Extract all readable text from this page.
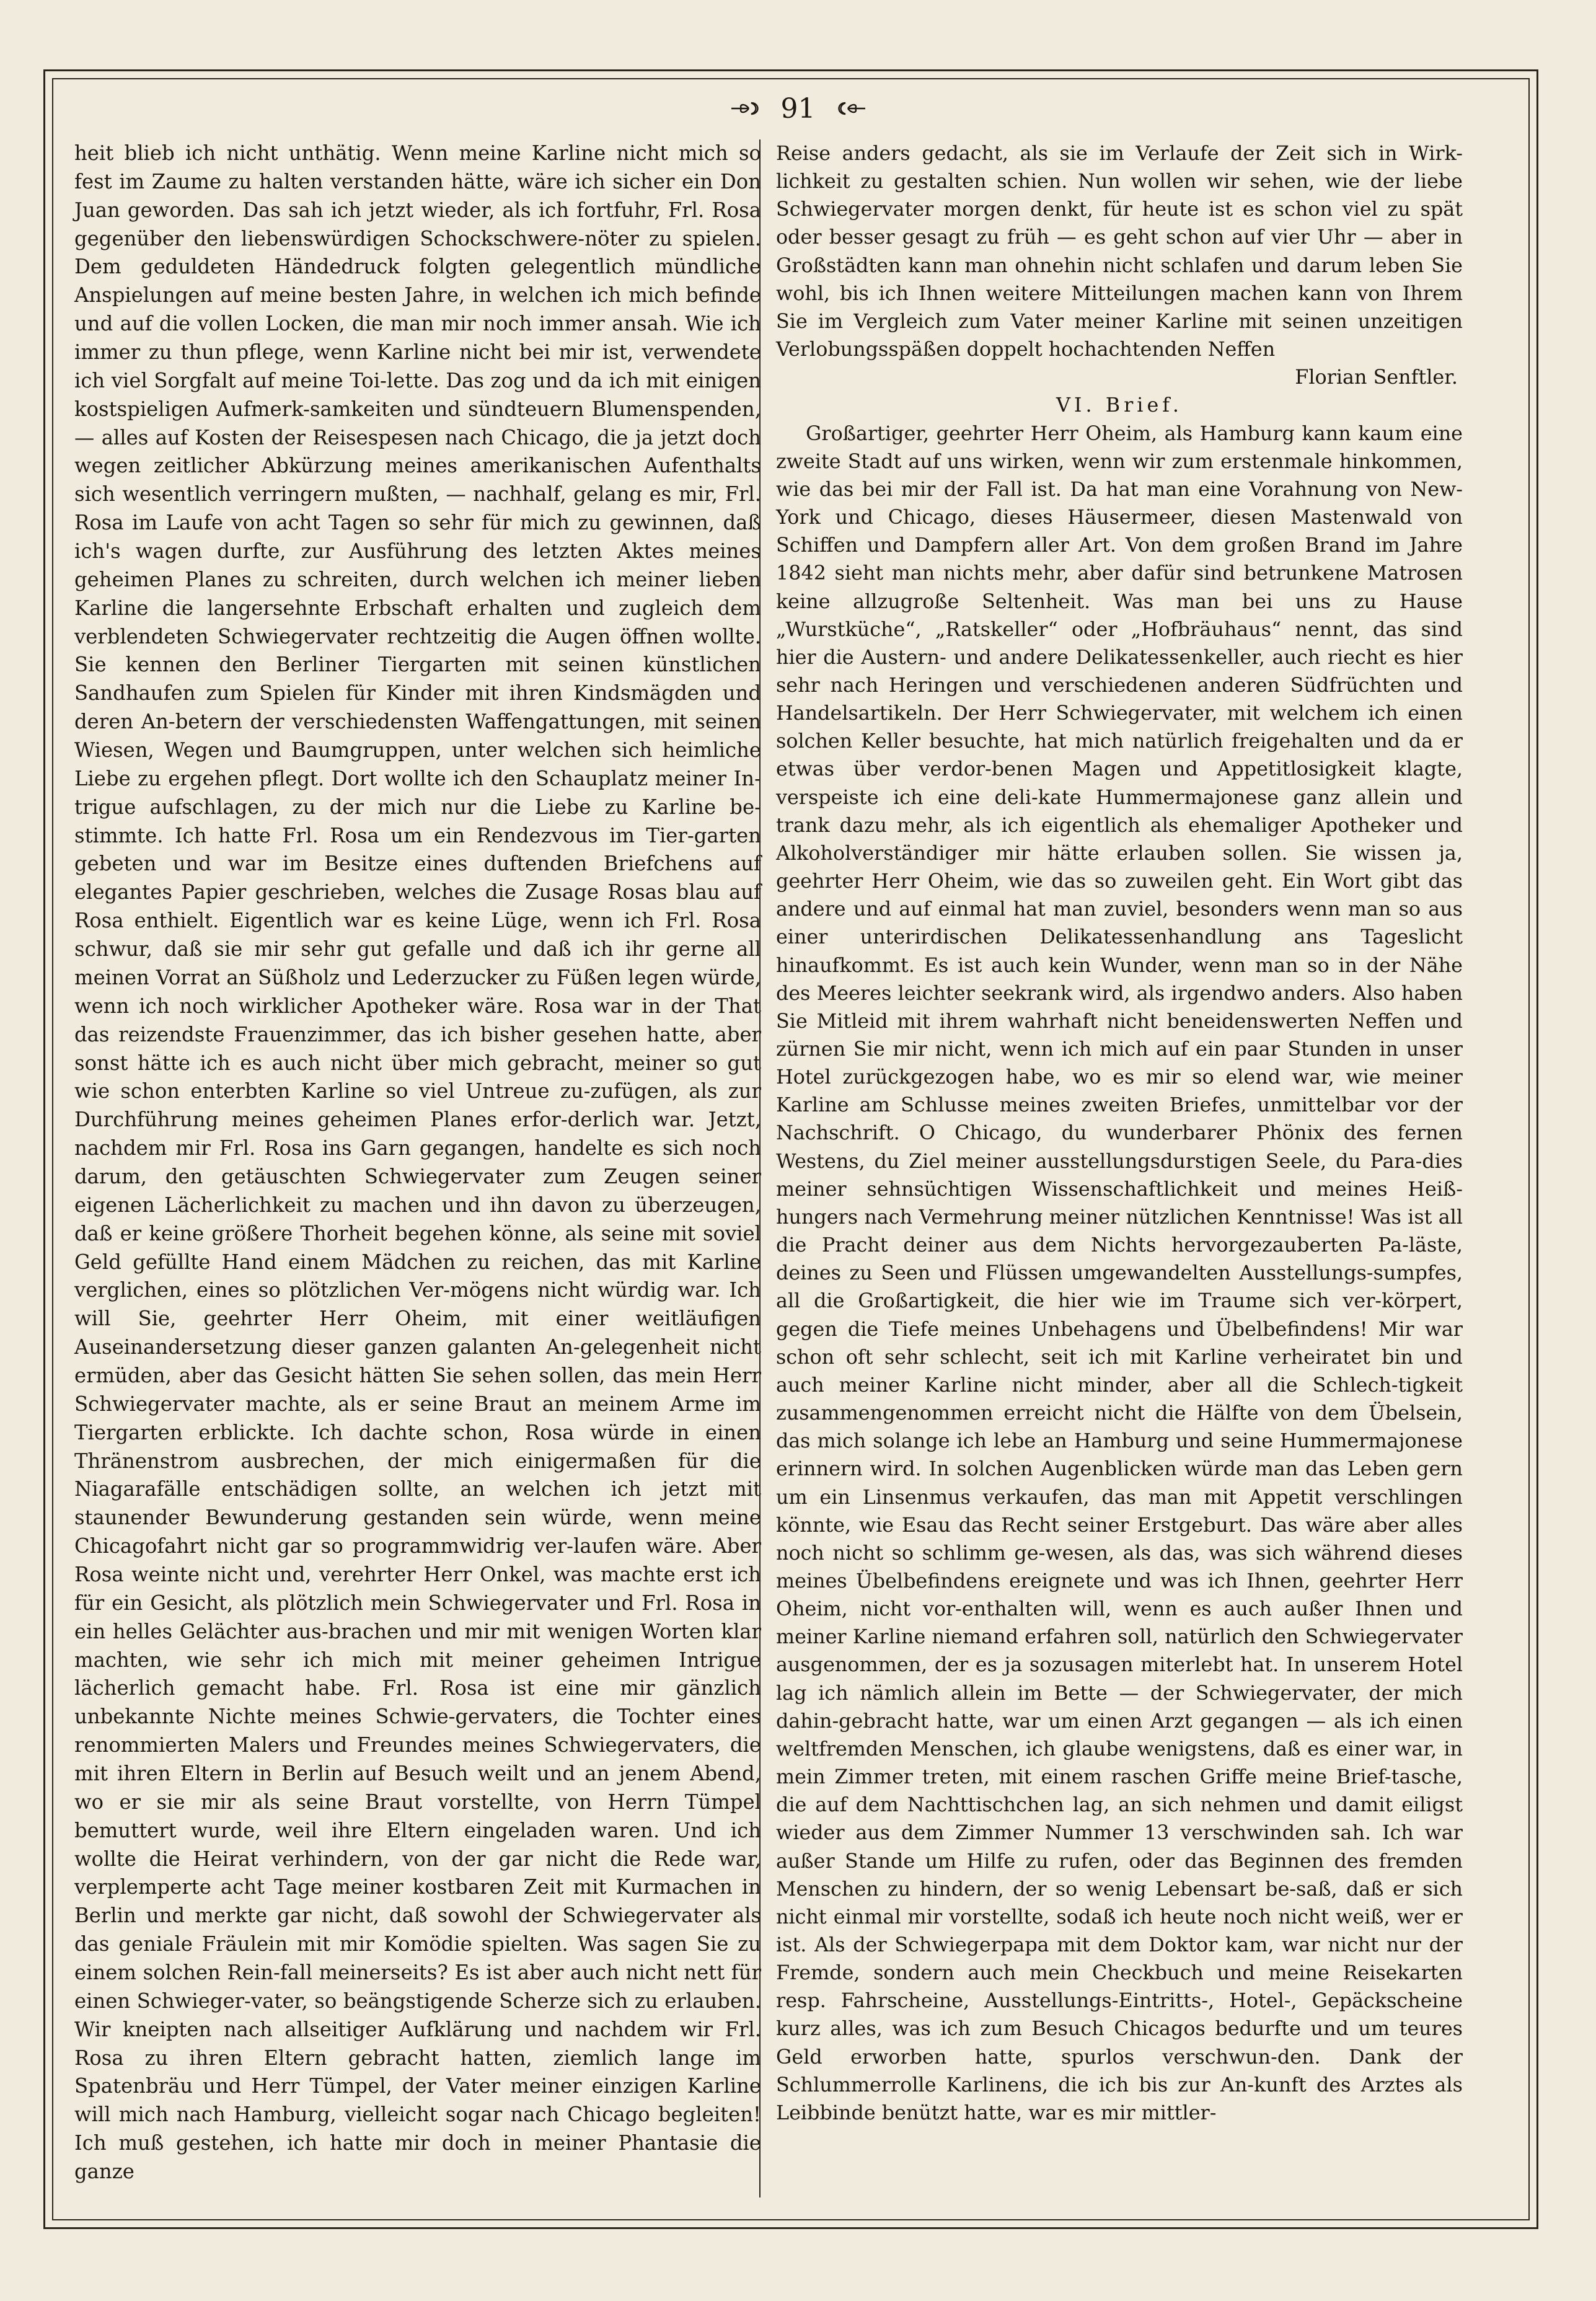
91

heit blieb ich nicht unthätig. Wenn meine Karline nicht mich so fest im Zaume zu halten verstanden hätte, wäre ich sicher ein Don Juan geworden. Das sah ich jetzt wieder, als ich fortfuhr, Frl. Rosa gegenüber den liebenswürdigen Schockschwere-nöter zu spielen. Dem geduldeten Händedruck folgten gelegentlich mündliche Anspielungen auf meine besten Jahre, in welchen ich mich befinde und auf die vollen Locken, die man mir noch immer ansah. Wie ich immer zu thun pflege, wenn Karline nicht bei mir ist, verwendete ich viel Sorgfalt auf meine Toi-lette. Das zog und da ich mit einigen kostspieligen Aufmerk-samkeiten und sündteuern Blumenspenden, — alles auf Kosten der Reisespesen nach Chicago, die ja jetzt doch wegen zeitlicher Abkürzung meines amerikanischen Aufenthalts sich wesentlich verringern mußten, — nachhalf, gelang es mir, Frl. Rosa im Laufe von acht Tagen so sehr für mich zu gewinnen, daß ich's wagen durfte, zur Ausführung des letzten Aktes meines geheimen Planes zu schreiten, durch welchen ich meiner lieben Karline die langersehnte Erbschaft erhalten und zugleich dem verblendeten Schwiegervater rechtzeitig die Augen öffnen wollte. Sie kennen den Berliner Tiergarten mit seinen künstlichen Sandhaufen zum Spielen für Kinder mit ihren Kindsmägden und deren An-betern der verschiedensten Waffengattungen, mit seinen Wiesen, Wegen und Baumgruppen, unter welchen sich heimliche Liebe zu ergehen pflegt. Dort wollte ich den Schauplatz meiner In-trigue aufschlagen, zu der mich nur die Liebe zu Karline be-stimmte. Ich hatte Frl. Rosa um ein Rendezvous im Tier-garten gebeten und war im Besitze eines duftenden Briefchens auf elegantes Papier geschrieben, welches die Zusage Rosas blau auf Rosa enthielt. Eigentlich war es keine Lüge, wenn ich Frl. Rosa schwur, daß sie mir sehr gut gefalle und daß ich ihr gerne all meinen Vorrat an Süßholz und Lederzucker zu Füßen legen würde, wenn ich noch wirklicher Apotheker wäre. Rosa war in der That das reizendste Frauenzimmer, das ich bisher gesehen hatte, aber sonst hätte ich es auch nicht über mich gebracht, meiner so gut wie schon enterbten Karline so viel Untreue zu-zufügen, als zur Durchführung meines geheimen Planes erfor-derlich war. Jetzt, nachdem mir Frl. Rosa ins Garn gegangen, handelte es sich noch darum, den getäuschten Schwiegervater zum Zeugen seiner eigenen Lächerlichkeit zu machen und ihn davon zu überzeugen, daß er keine größere Thorheit begehen könne, als seine mit soviel Geld gefüllte Hand einem Mädchen zu reichen, das mit Karline verglichen, eines so plötzlichen Ver-mögens nicht würdig war. Ich will Sie, geehrter Herr Oheim, mit einer weitläufigen Auseinandersetzung dieser ganzen galanten An-gelegenheit nicht ermüden, aber das Gesicht hätten Sie sehen sollen, das mein Herr Schwiegervater machte, als er seine Braut an meinem Arme im Tiergarten erblickte. Ich dachte schon, Rosa würde in einen Thränenstrom ausbrechen, der mich einigermaßen für die Niagarafälle entschädigen sollte, an welchen ich jetzt mit staunender Bewunderung gestanden sein würde, wenn meine Chicagofahrt nicht gar so programmwidrig ver-laufen wäre. Aber Rosa weinte nicht und, verehrter Herr Onkel, was machte erst ich für ein Gesicht, als plötzlich mein Schwiegervater und Frl. Rosa in ein helles Gelächter aus-brachen und mir mit wenigen Worten klar machten, wie sehr ich mich mit meiner geheimen Intrigue lächerlich gemacht habe. Frl. Rosa ist eine mir gänzlich unbekannte Nichte meines Schwie-gervaters, die Tochter eines renommierten Malers und Freundes meines Schwiegervaters, die mit ihren Eltern in Berlin auf Besuch weilt und an jenem Abend, wo er sie mir als seine Braut vorstellte, von Herrn Tümpel bemuttert wurde, weil ihre Eltern eingeladen waren. Und ich wollte die Heirat verhindern, von der gar nicht die Rede war, verplemperte acht Tage meiner kostbaren Zeit mit Kurmachen in Berlin und merkte gar nicht, daß sowohl der Schwiegervater als das geniale Fräulein mit mir Komödie spielten. Was sagen Sie zu einem solchen Rein-fall meinerseits? Es ist aber auch nicht nett für einen Schwieger-vater, so beängstigende Scherze sich zu erlauben. Wir kneipten nach allseitiger Aufklärung und nachdem wir Frl. Rosa zu ihren Eltern gebracht hatten, ziemlich lange im Spatenbräu und Herr Tümpel, der Vater meiner einzigen Karline will mich nach Hamburg, vielleicht sogar nach Chicago begleiten! Ich muß gestehen, ich hatte mir doch in meiner Phantasie die ganze

Reise anders gedacht, als sie im Verlaufe der Zeit sich in Wirk-lichkeit zu gestalten schien. Nun wollen wir sehen, wie der liebe Schwiegervater morgen denkt, für heute ist es schon viel zu spät oder besser gesagt zu früh — es geht schon auf vier Uhr — aber in Großstädten kann man ohnehin nicht schlafen und darum leben Sie wohl, bis ich Ihnen weitere Mitteilungen machen kann von Ihrem Sie im Vergleich zum Vater meiner Karline mit seinen unzeitigen Verlobungsspäßen doppelt hochachtenden Neffen

Florian Senftler.

VI. Brief.

Großartiger, geehrter Herr Oheim, als Hamburg kann kaum eine zweite Stadt auf uns wirken, wenn wir zum erstenmale hinkommen, wie das bei mir der Fall ist. Da hat man eine Vorahnung von New-York und Chicago, dieses Häusermeer, diesen Mastenwald von Schiffen und Dampfern aller Art. Von dem großen Brand im Jahre 1842 sieht man nichts mehr, aber dafür sind betrunkene Matrosen keine allzugroße Seltenheit. Was man bei uns zu Hause „Wurstküche“, „Ratskeller“ oder „Hofbräuhaus“ nennt, das sind hier die Austern- und andere Delikatessenkeller, auch riecht es hier sehr nach Heringen und verschiedenen anderen Südfrüchten und Handelsartikeln. Der Herr Schwiegervater, mit welchem ich einen solchen Keller besuchte, hat mich natürlich freigehalten und da er etwas über verdor-benen Magen und Appetitlosigkeit klagte, verspeiste ich eine deli-kate Hummermajonese ganz allein und trank dazu mehr, als ich eigentlich als ehemaliger Apotheker und Alkoholverständiger mir hätte erlauben sollen. Sie wissen ja, geehrter Herr Oheim, wie das so zuweilen geht. Ein Wort gibt das andere und auf einmal hat man zuviel, besonders wenn man so aus einer unterirdischen Delikatessenhandlung ans Tageslicht hinaufkommt. Es ist auch kein Wunder, wenn man so in der Nähe des Meeres leichter seekrank wird, als irgendwo anders. Also haben Sie Mitleid mit ihrem wahrhaft nicht beneidenswerten Neffen und zürnen Sie mir nicht, wenn ich mich auf ein paar Stunden in unser Hotel zurückgezogen habe, wo es mir so elend war, wie meiner Karline am Schlusse meines zweiten Briefes, unmittelbar vor der Nachschrift. O Chicago, du wunderbarer Phönix des fernen Westens, du Ziel meiner ausstellungsdurstigen Seele, du Para-dies meiner sehnsüchtigen Wissenschaftlichkeit und meines Heiß-hungers nach Vermehrung meiner nützlichen Kenntnisse! Was ist all die Pracht deiner aus dem Nichts hervorgezauberten Pa-läste, deines zu Seen und Flüssen umgewandelten Ausstellungs-sumpfes, all die Großartigkeit, die hier wie im Traume sich ver-körpert, gegen die Tiefe meines Unbehagens und Übelbefindens! Mir war schon oft sehr schlecht, seit ich mit Karline verheiratet bin und auch meiner Karline nicht minder, aber all die Schlech-tigkeit zusammengenommen erreicht nicht die Hälfte von dem Übelsein, das mich solange ich lebe an Hamburg und seine Hummermajonese erinnern wird. In solchen Augenblicken würde man das Leben gern um ein Linsenmus verkaufen, das man mit Appetit verschlingen könnte, wie Esau das Recht seiner Erstgeburt. Das wäre aber alles noch nicht so schlimm ge-wesen, als das, was sich während dieses meines Übelbefindens ereignete und was ich Ihnen, geehrter Herr Oheim, nicht vor-enthalten will, wenn es auch außer Ihnen und meiner Karline niemand erfahren soll, natürlich den Schwiegervater ausgenommen, der es ja sozusagen miterlebt hat. In unserem Hotel lag ich nämlich allein im Bette — der Schwiegervater, der mich dahin-gebracht hatte, war um einen Arzt gegangen — als ich einen weltfremden Menschen, ich glaube wenigstens, daß es einer war, in mein Zimmer treten, mit einem raschen Griffe meine Brief-tasche, die auf dem Nachttischchen lag, an sich nehmen und damit eiligst wieder aus dem Zimmer Nummer 13 verschwinden sah. Ich war außer Stande um Hilfe zu rufen, oder das Beginnen des fremden Menschen zu hindern, der so wenig Lebensart be-saß, daß er sich nicht einmal mir vorstellte, sodaß ich heute noch nicht weiß, wer er ist. Als der Schwiegerpapa mit dem Doktor kam, war nicht nur der Fremde, sondern auch mein Checkbuch und meine Reisekarten resp. Fahrscheine, Ausstellungs-Eintritts-, Hotel-, Gepäckscheine kurz alles, was ich zum Besuch Chicagos bedurfte und um teures Geld erworben hatte, spurlos verschwun-den. Dank der Schlummerrolle Karlinens, die ich bis zur An-kunft des Arztes als Leibbinde benützt hatte, war es mir mittler-
